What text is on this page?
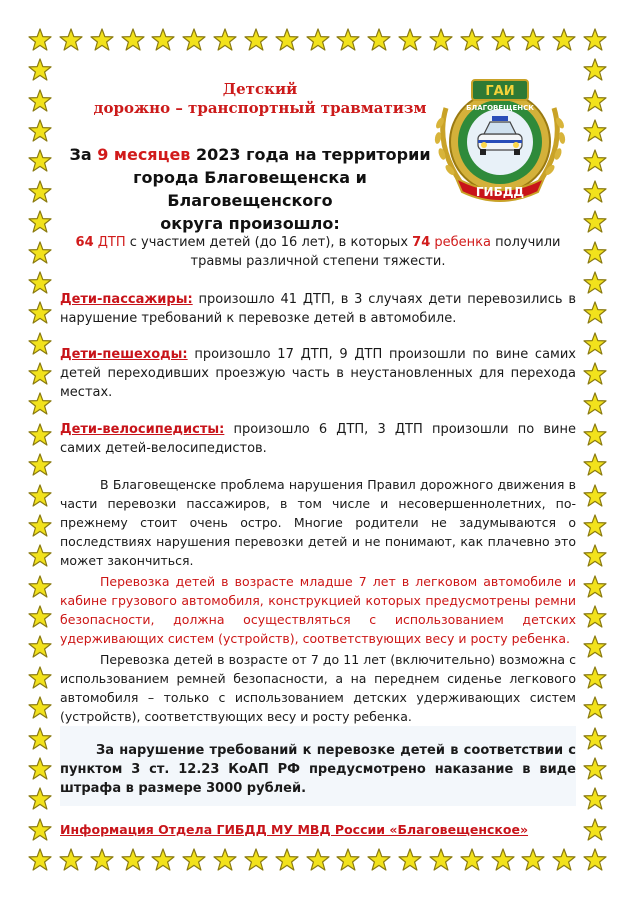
Детский
дорожно – транспортный травматизм
За 9 месяцев 2023 года на территории
города Благовещенска и Благовещенского
округа произошло:
ГАИ
БЛАГОВЕЩЕНСК
ГИБДД
64 ДТП с участием детей (до 16 лет), в которых 74 ребенка получили травмы различной степени тяжести.
Дети-пассажиры: произошло 41 ДТП, в 3 случаях дети перевозились в нарушение требований к перевозке детей в автомобиле.
Дети-пешеходы: произошло 17 ДТП, 9 ДТП произошли по вине самих детей переходивших проезжую часть в неустановленных для перехода местах.
Дети-велосипедисты: произошло 6 ДТП, 3 ДТП произошли по вине самих детей-велосипедистов.
В Благовещенске проблема нарушения Правил дорожного движения в части перевозки пассажиров, в том числе и несовершеннолетних, по-прежнему стоит очень остро. Многие родители не задумываются о последствиях нарушения перевозки детей и не понимают, как плачевно это может закончиться.
Перевозка детей в возрасте младше 7 лет в легковом автомобиле и кабине грузового автомобиля, конструкцией которых предусмотрены ремни безопасности, должна осуществляться с использованием детских удерживающих систем (устройств), соответствующих весу и росту ребенка.
Перевозка детей в возрасте от 7 до 11 лет (включительно) возможна с использованием ремней безопасности, а на переднем сиденье легкового автомобиля – только с использованием детских удерживающих систем (устройств), соответствующих весу и росту ребенка.
За нарушение требований к перевозке детей в соответствии с пунктом 3 ст. 12.23 КоАП РФ предусмотрено наказание в виде штрафа в размере 3000 рублей.
Информация Отдела ГИБДД МУ МВД России «Благовещенское»
